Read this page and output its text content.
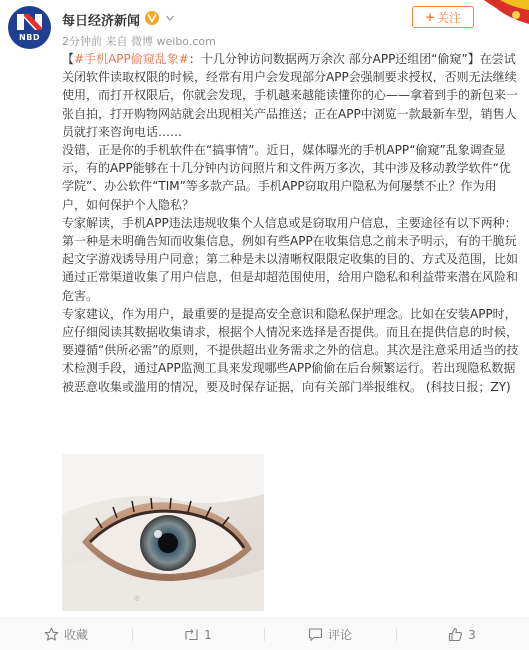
NBD
每日经济新闻
2分钟前 来自 微博 weibo.com
+ 关注

【#手机APP偷窥乱象#：十几分钟访问数据两万余次 部分APP还组团“偷窥”】在尝试关闭软件读取权限的时候，经常有用户会发现部分APP会强制要求授权，否则无法继续使用，而打开权限后，你就会发现，手机越来越能读懂你的心——拿着到手的新包来一张自拍，打开购物网站就会出现相关产品推送；正在APP中浏览一款最新车型，销售人员就打来咨询电话……

没错，正是你的手机软件在“搞事情”。近日，媒体曝光的手机APP“偷窥”乱象调查显示，有的APP能够在十几分钟内访问照片和文件两万多次，其中涉及移动教学软件“优学院”、办公软件“TIM”等多款产品。手机APP窃取用户隐私为何屡禁不止？作为用户，如何保护个人隐私？

专家解读，手机APP违法违规收集个人信息或是窃取用户信息，主要途径有以下两种：第一种是未明确告知而收集信息，例如有些APP在收集信息之前未予明示，有的干脆玩起文字游戏诱导用户同意；第二种是未以清晰权限限定收集的目的、方式及范围，比如通过正常渠道收集了用户信息，但是却超范围使用，给用户隐私和利益带来潜在风险和危害。

专家建议，作为用户，最重要的是提高安全意识和隐私保护理念。比如在安装APP时，应仔细阅读其数据收集请求，根据个人情况来选择是否提供。而且在提供信息的时候，要遵循“供所必需”的原则，不提供超出业务需求之外的信息。其次是注意采用适当的技术检测手段，通过APP监测工具来发现哪些APP偷偷在后台频繁运行。若出现隐私数据被恶意收集或滥用的情况，要及时保存证据，向有关部门举报维权。 (科技日报；ZY)

◎
收藏	1	评论	3
